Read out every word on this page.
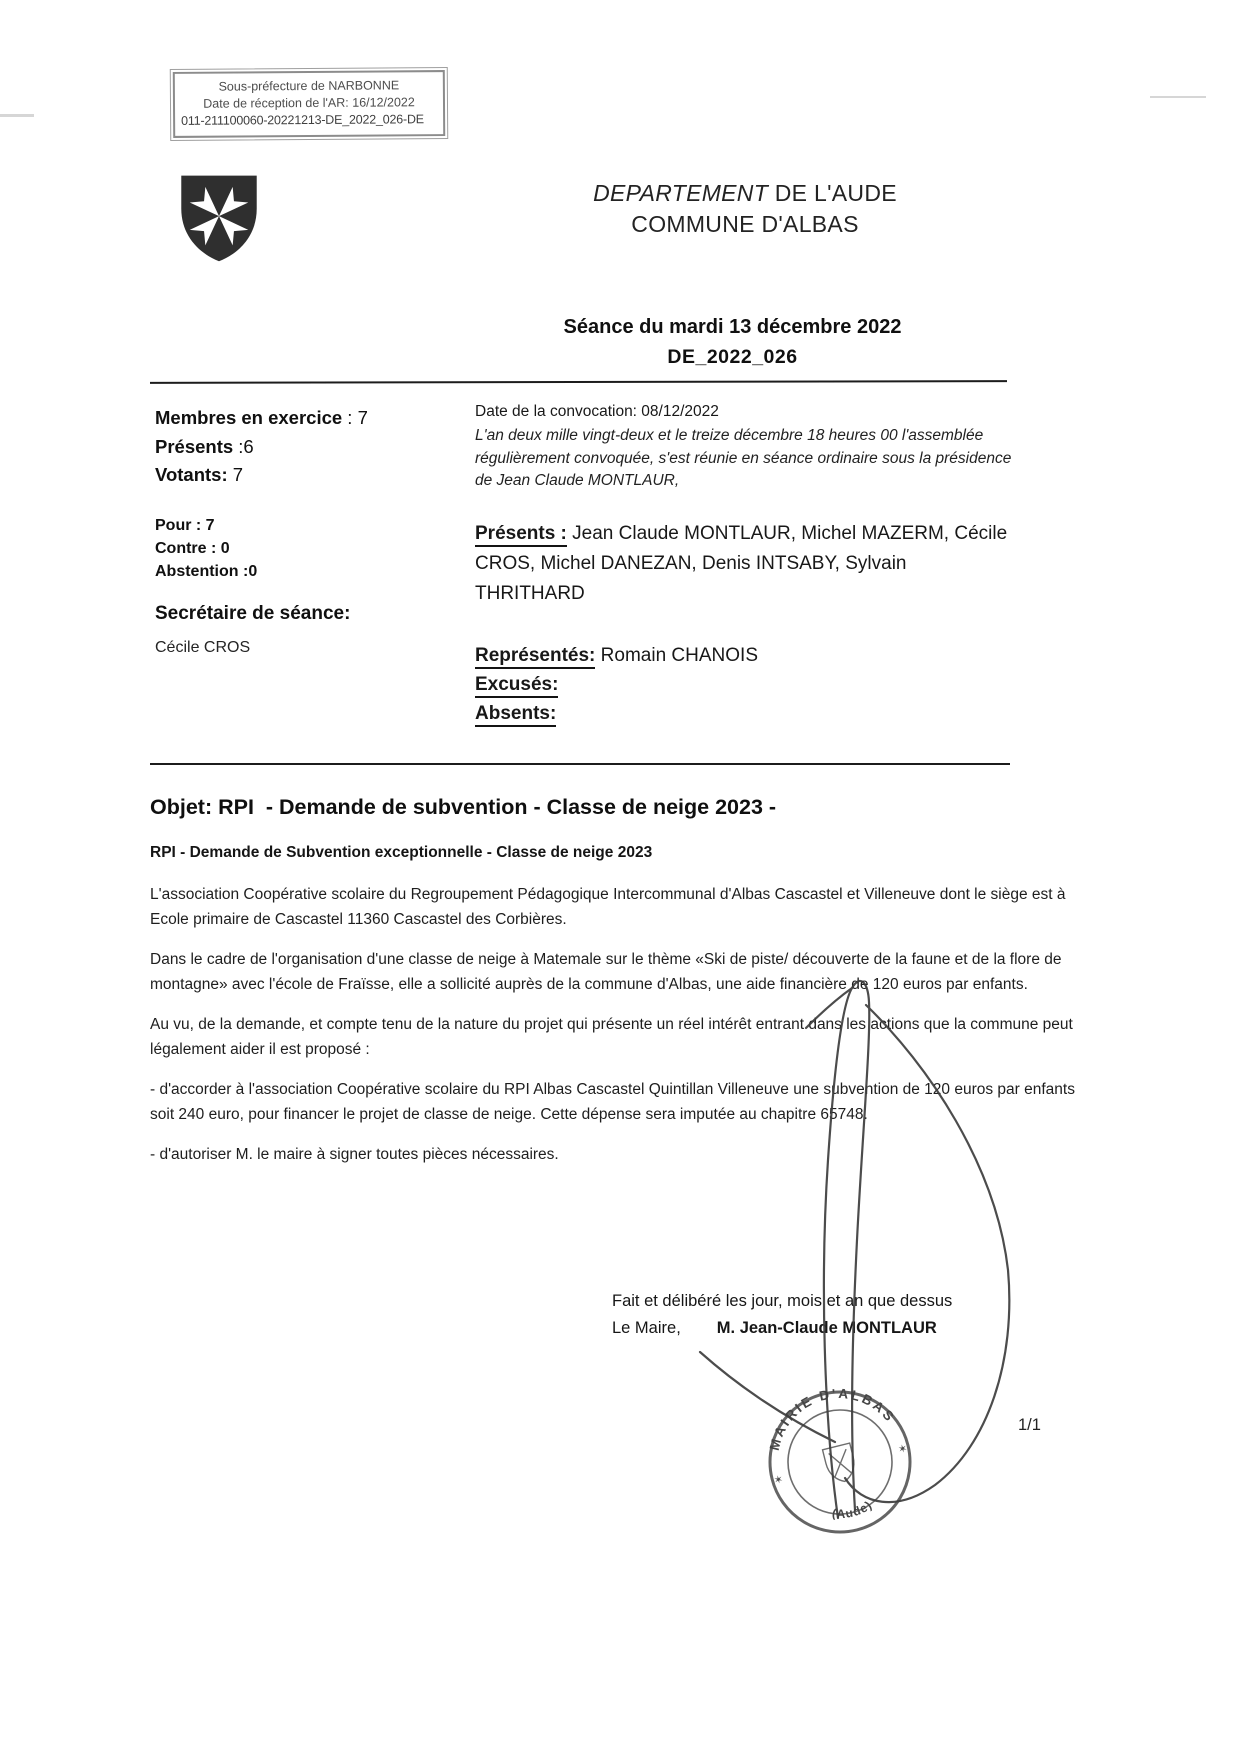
Sous-préfecture de NARBONNE
Date de réception de l'AR: 16/12/2022
011-211100060-20221213-DE_2022_026-DE
DEPARTEMENT DE L'AUDE
COMMUNE D'ALBAS
Séance du mardi 13 décembre 2022
DE_2022_026
Membres en exercice : 7
Présents :6
Votants: 7
Pour : 7
Contre : 0
Abstention :0
Secrétaire de séance:
Cécile CROS
Date de la convocation: 08/12/2022
L'an deux mille vingt-deux et le treize décembre 18 heures 00 l'assemblée régulièrement convoquée, s'est réunie en séance ordinaire sous la présidence de Jean Claude MONTLAUR,
Présents : Jean Claude MONTLAUR, Michel MAZERM, Cécile CROS, Michel DANEZAN, Denis INTSABY, Sylvain THRITHARD
Représentés: Romain CHANOIS
Excusés:
Absents:
Objet: RPI  - Demande de subvention - Classe de neige 2023 -
RPI - Demande de Subvention exceptionnelle - Classe de neige 2023

L'association Coopérative scolaire du Regroupement Pédagogique Intercommunal d'Albas Cascastel et Villeneuve dont le siège est à Ecole primaire de Cascastel 11360 Cascastel des Corbières.

Dans le cadre de l'organisation d'une classe de neige à Matemale sur le thème «Ski de piste/ découverte de la faune et de la flore de montagne» avec l'école de Fraïsse, elle a sollicité auprès de la commune d'Albas, une aide financière de 120 euros par enfants.

Au vu, de la demande, et compte tenu de la nature du projet qui présente un réel intérêt entrant dans les actions que la commune peut légalement aider il est proposé :

- d'accorder à l'association Coopérative scolaire du RPI Albas Cascastel Quintillan Villeneuve une subvention de 120 euros par enfants soit 240 euro, pour financer le projet de classe de neige. Cette dépense sera imputée au chapitre 65748.

- d'autoriser M. le maire à signer toutes pièces nécessaires.

Fait et délibéré les jour, mois et an que dessus
Le Maire, M. Jean-Claude MONTLAUR
MAIRIE D'ALBAS
(Aude)
✶
✶
1/1
